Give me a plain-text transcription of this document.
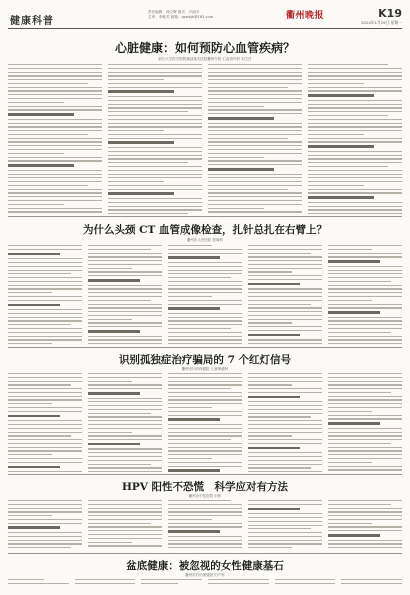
健康科普
责任编辑：徐文辉 版式：卢丽平
主审：李敏芳 邮箱：qzwbjk@163.com	衢州晚报	K19
2024年1月29日 星期一
心脏健康：如何预防心血管疾病？
浙江大学医学院附属邵逸夫医院衢州分院 心血管内科 刘主任
为什么头颈 CT 血管成像检查，扎针总扎在右臂上？
衢州市人民医院 影像科
识别孤独症治疗骗局的 7 个红灯信号
衢州市妇幼保健院 儿童保健科
HPV 阳性不恐慌　科学应对有方法
衢州市中医医院 妇科
盆底健康：被忽视的女性健康基石
衢州市妇幼保健院 妇产科
